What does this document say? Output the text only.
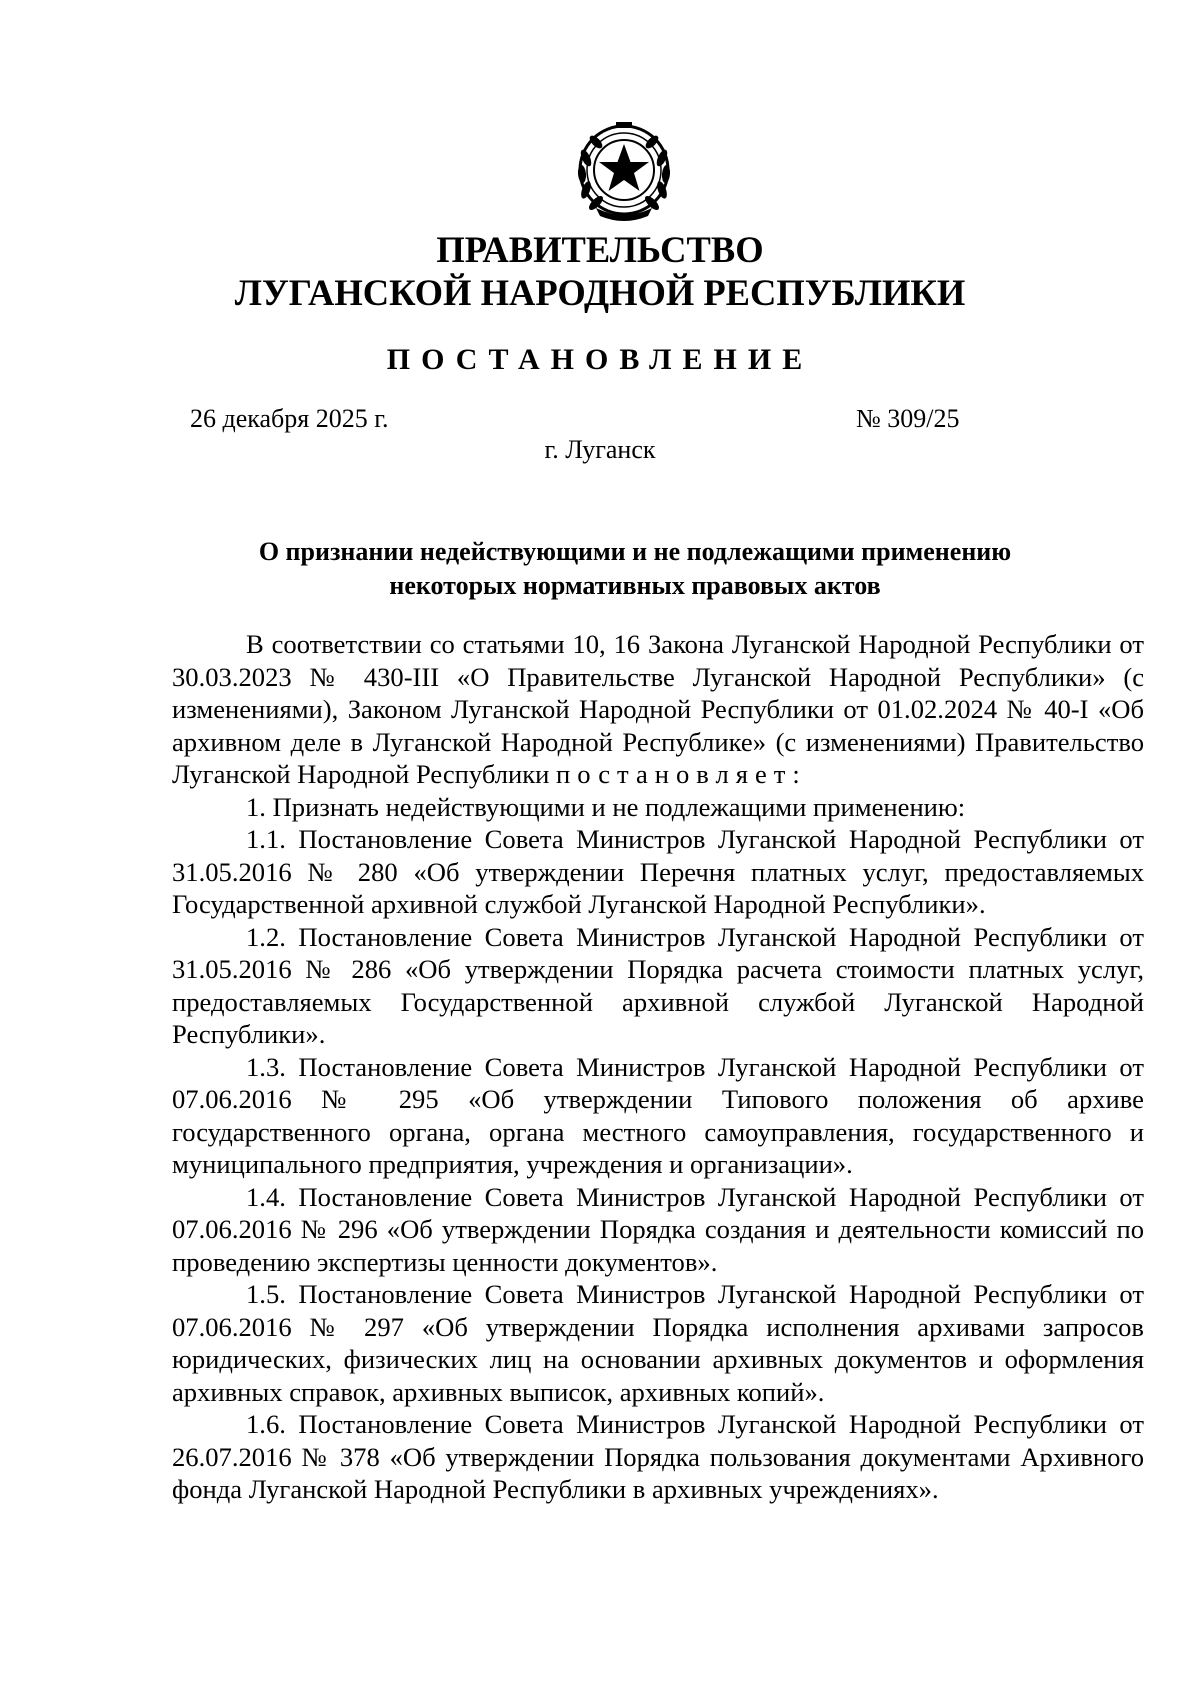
ПРАВИТЕЛЬСТВО
ЛУГАНСКОЙ НАРОДНОЙ РЕСПУБЛИКИ
ПОСТАНОВЛЕНИЕ
26 декабря 2025 г.	№ 309/25
г. Луганск
О признании недействующими и не подлежащими применению
некоторых нормативных правовых актов

В соответствии со статьями 10, 16 Закона Луганской Народной Республики от 30.03.2023 № 430-III «О Правительстве Луганской Народной Республики» (с изменениями), Законом Луганской Народной Республики от 01.02.2024 № 40-I «Об архивном деле в Луганской Народной Республике» (с изменениями) Правительство Луганской Народной Республики постановляет:

1. Признать недействующими и не подлежащими применению:

1.1. Постановление Совета Министров Луганской Народной Республики от 31.05.2016 № 280 «Об утверждении Перечня платных услуг, предоставляемых Государственной архивной службой Луганской Народной Республики».

1.2. Постановление Совета Министров Луганской Народной Республики от 31.05.2016 № 286 «Об утверждении Порядка расчета стоимости платных услуг, предоставляемых Государственной архивной службой Луганской Народной Республики».

1.3. Постановление Совета Министров Луганской Народной Республики от 07.06.2016 № 295 «Об утверждении Типового положения об архиве государственного органа, органа местного самоуправления, государственного и муниципального предприятия, учреждения и организации».

1.4. Постановление Совета Министров Луганской Народной Республики от 07.06.2016 № 296 «Об утверждении Порядка создания и деятельности комиссий по проведению экспертизы ценности документов».

1.5. Постановление Совета Министров Луганской Народной Республики от 07.06.2016 № 297 «Об утверждении Порядка исполнения архивами запросов юридических, физических лиц на основании архивных документов и оформления архивных справок, архивных выписок, архивных копий».

1.6. Постановление Совета Министров Луганской Народной Республики от 26.07.2016 № 378 «Об утверждении Порядка пользования документами Архивного фонда Луганской Народной Республики в архивных учреждениях».
